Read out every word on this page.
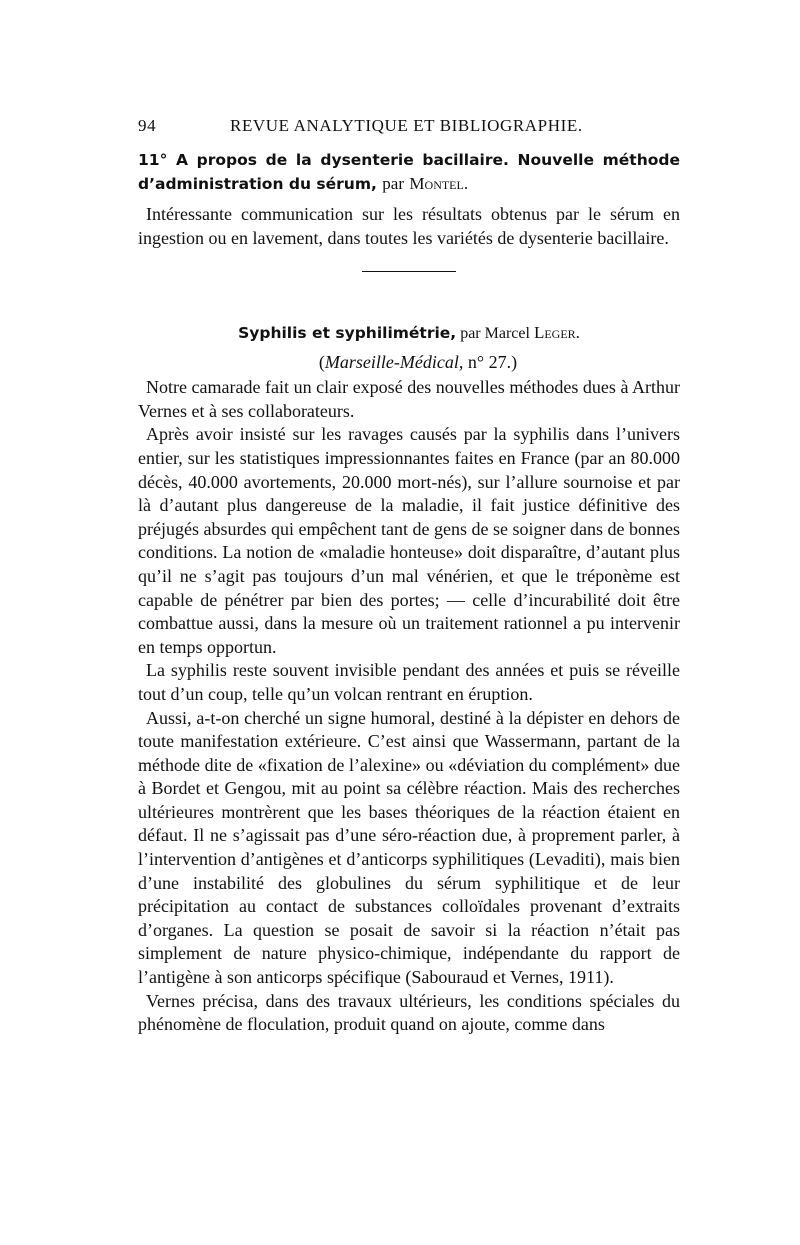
94	REVUE ANALYTIQUE ET BIBLIOGRAPHIE.
11° A propos de la dysenterie bacillaire. Nouvelle méthode d’administration du sérum, par Montel.

Intéressante communication sur les résultats obtenus par le sérum en ingestion ou en lavement, dans toutes les variétés de dysenterie bacillaire.

Syphilis et syphilimétrie, par Marcel Leger.
(Marseille-Médical, n° 27.)

Notre camarade fait un clair exposé des nouvelles méthodes dues à Arthur Vernes et à ses collaborateurs.

Après avoir insisté sur les ravages causés par la syphilis dans l’univers entier, sur les statistiques impressionnantes faites en France (par an 80.000 décès, 40.000 avortements, 20.000 mort-nés), sur l’allure sournoise et par là d’autant plus dangereuse de la maladie, il fait justice définitive des préjugés absurdes qui empêchent tant de gens de se soigner dans de bonnes conditions. La notion de «maladie honteuse» doit disparaître, d’autant plus qu’il ne s’agit pas toujours d’un mal vénérien, et que le tréponème est capable de pénétrer par bien des portes; — celle d’incurabilité doit être combattue aussi, dans la mesure où un traitement rationnel a pu intervenir en temps opportun.

La syphilis reste souvent invisible pendant des années et puis se réveille tout d’un coup, telle qu’un volcan rentrant en éruption.

Aussi, a-t-on cherché un signe humoral, destiné à la dépister en dehors de toute manifestation extérieure. C’est ainsi que Wassermann, partant de la méthode dite de «fixation de l’alexine» ou «déviation du complément» due à Bordet et Gengou, mit au point sa célèbre réaction. Mais des recherches ultérieures montrèrent que les bases théoriques de la réaction étaient en défaut. Il ne s’agissait pas d’une séro-réaction due, à proprement parler, à l’intervention d’antigènes et d’anticorps syphilitiques (Levaditi), mais bien d’une instabilité des globulines du sérum syphilitique et de leur précipitation au contact de substances colloïdales provenant d’extraits d’organes. La question se posait de savoir si la réaction n’était pas simplement de nature physico-chimique, indépendante du rapport de l’antigène à son anticorps spécifique (Sabouraud et Vernes, 1911).

Vernes précisa, dans des travaux ultérieurs, les conditions spéciales du phénomène de floculation, produit quand on ajoute, comme dans
